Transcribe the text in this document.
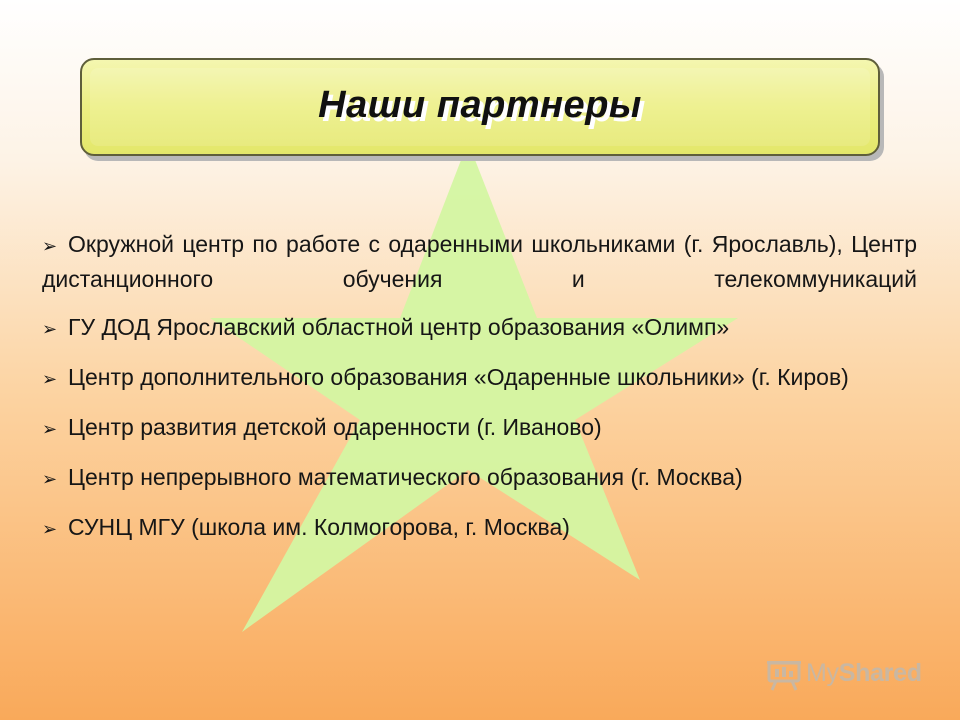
Наши партнеры

➢ Окружной центр по работе с одаренными школьниками (г. Ярославль), Центр дистанционного обучения и телекоммуникаций

➢ ГУ ДОД Ярославский областной центр образования «Олимп»

➢ Центр дополнительного образования «Одаренные школьники» (г. Киров)

➢ Центр развития детской одаренности (г. Иваново)

➢ Центр непрерывного математического образования (г. Москва)

➢ СУНЦ МГУ (школа им. Колмогорова, г. Москва)

MyShared
